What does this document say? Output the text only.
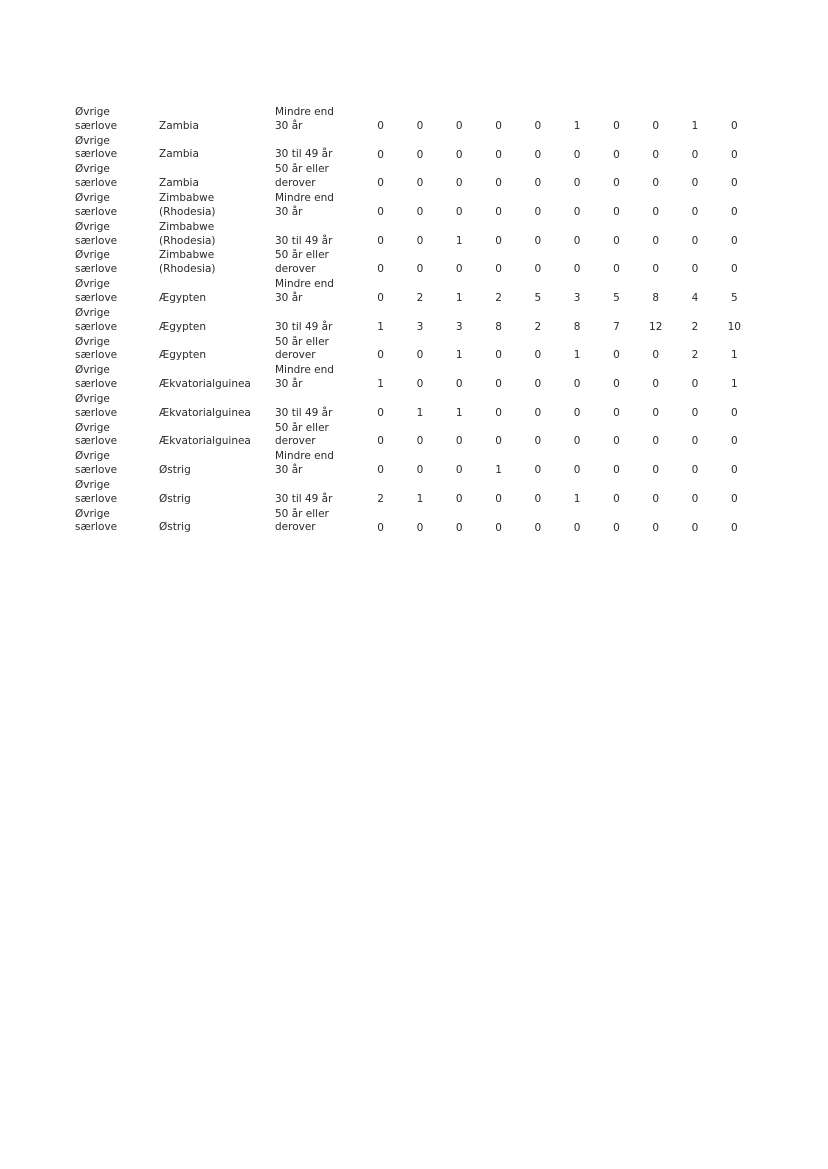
Øvrige
særlove	Zambia	Mindre end
30 år	0	0	0	0	0	1	0	0	1	0

Øvrige
særlove	Zambia	30 til 49 år	0	0	0	0	0	0	0	0	0	0

Øvrige
særlove	Zambia	50 år eller
derover	0	0	0	0	0	0	0	0	0	0

Øvrige
særlove	Zimbabwe
(Rhodesia)	Mindre end
30 år	0	0	0	0	0	0	0	0	0	0

Øvrige
særlove	Zimbabwe
(Rhodesia)	30 til 49 år	0	0	1	0	0	0	0	0	0	0

Øvrige
særlove	Zimbabwe
(Rhodesia)	50 år eller
derover	0	0	0	0	0	0	0	0	0	0

Øvrige
særlove	Ægypten	Mindre end
30 år	0	2	1	2	5	3	5	8	4	5

Øvrige
særlove	Ægypten	30 til 49 år	1	3	3	8	2	8	7	12	2	10

Øvrige
særlove	Ægypten	50 år eller
derover	0	0	1	0	0	1	0	0	2	1

Øvrige
særlove	Ækvatorialguinea	Mindre end
30 år	1	0	0	0	0	0	0	0	0	1

Øvrige
særlove	Ækvatorialguinea	30 til 49 år	0	1	1	0	0	0	0	0	0	0

Øvrige
særlove	Ækvatorialguinea	50 år eller
derover	0	0	0	0	0	0	0	0	0	0

Øvrige
særlove	Østrig	Mindre end
30 år	0	0	0	1	0	0	0	0	0	0

Øvrige
særlove	Østrig	30 til 49 år	2	1	0	0	0	1	0	0	0	0

Øvrige
særlove	Østrig	50 år eller
derover	0	0	0	0	0	0	0	0	0	0
